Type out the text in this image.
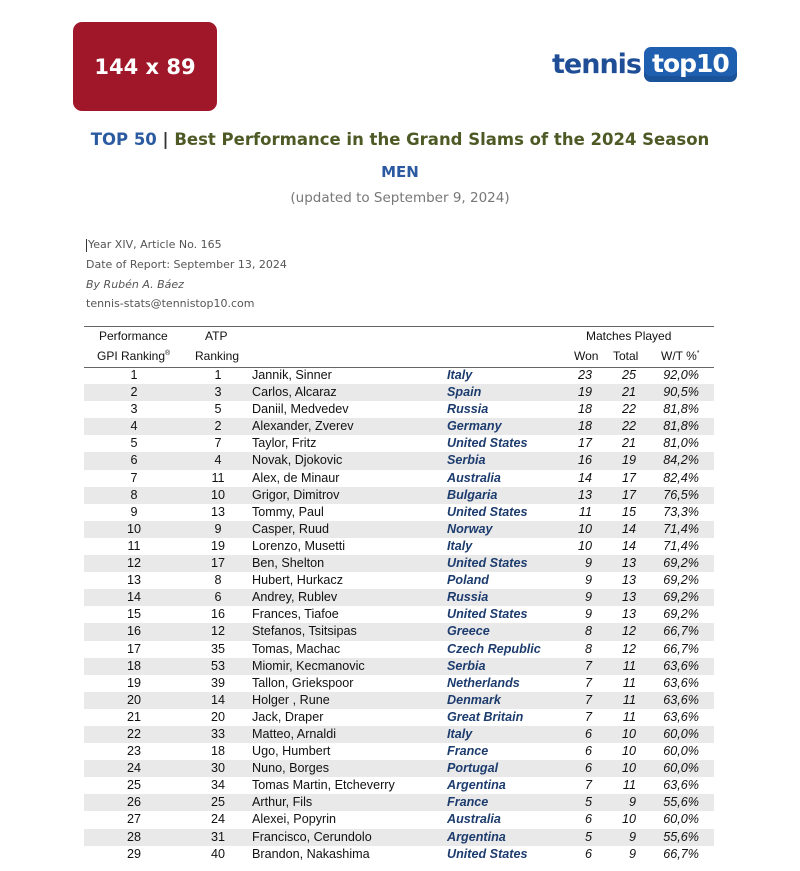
144 x 89	tennis top10
TOP 50 | Best Performance in the Grand Slams of the 2024 Season
MEN
(updated to September 9, 2024)
Year XIV, Article No. 165
Date of Report: September 13, 2024
By Rubén A. Báez
tennis-stats@tennistop10.com
Performance
GPI Ranking®
ATP
Ranking
Matches Played
Won Total W/T %*
1	1	Jannik, Sinner	Italy	23	25	92,0%
2	3	Carlos, Alcaraz	Spain	19	21	90,5%
3	5	Daniil, Medvedev	Russia	18	22	81,8%
4	2	Alexander, Zverev	Germany	18	22	81,8%
5	7	Taylor, Fritz	United States	17	21	81,0%
6	4	Novak, Djokovic	Serbia	16	19	84,2%
7	11	Alex, de Minaur	Australia	14	17	82,4%
8	10	Grigor, Dimitrov	Bulgaria	13	17	76,5%
9	13	Tommy, Paul	United States	11	15	73,3%
10	9	Casper, Ruud	Norway	10	14	71,4%
11	19	Lorenzo, Musetti	Italy	10	14	71,4%
12	17	Ben, Shelton	United States	9	13	69,2%
13	8	Hubert, Hurkacz	Poland	9	13	69,2%
14	6	Andrey, Rublev	Russia	9	13	69,2%
15	16	Frances, Tiafoe	United States	9	13	69,2%
16	12	Stefanos, Tsitsipas	Greece	8	12	66,7%
17	35	Tomas, Machac	Czech Republic	8	12	66,7%
18	53	Miomir, Kecmanovic	Serbia	7	11	63,6%
19	39	Tallon, Griekspoor	Netherlands	7	11	63,6%
20	14	Holger , Rune	Denmark	7	11	63,6%
21	20	Jack, Draper	Great Britain	7	11	63,6%
22	33	Matteo, Arnaldi	Italy	6	10	60,0%
23	18	Ugo, Humbert	France	6	10	60,0%
24	30	Nuno, Borges	Portugal	6	10	60,0%
25	34	Tomas Martin, Etcheverry	Argentina	7	11	63,6%
26	25	Arthur, Fils	France	5	9	55,6%
27	24	Alexei, Popyrin	Australia	6	10	60,0%
28	31	Francisco, Cerundolo	Argentina	5	9	55,6%
29	40	Brandon, Nakashima	United States	6	9	66,7%
